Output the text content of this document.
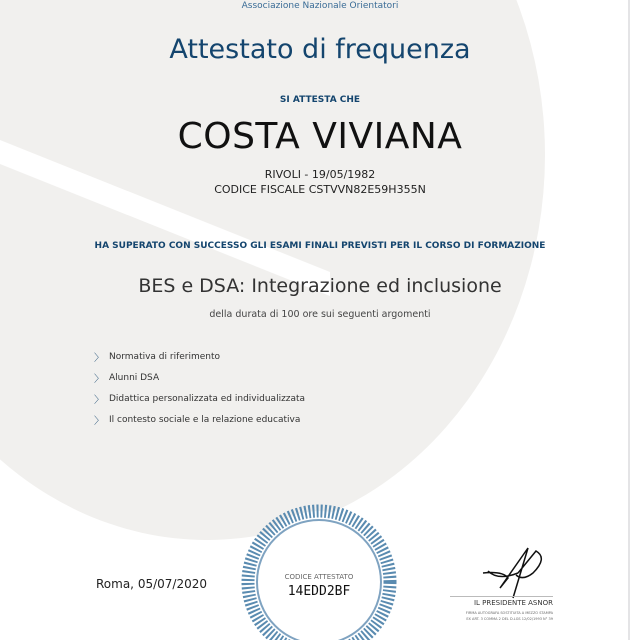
Associazione Nazionale Orientatori
Attestato di frequenza
SI ATTESTA CHE
COSTA VIVIANA
RIVOLI - 19/05/1982
CODICE FISCALE CSTVVN82E59H355N
HA SUPERATO CON SUCCESSO GLI ESAMI FINALI PREVISTI PER IL CORSO DI FORMAZIONE
BES e DSA: Integrazione ed inclusione
della durata di 100 ore sui seguenti argomenti
〉 Normativa di riferimento
〉 Alunni DSA
〉 Didattica personalizzata ed individualizzata
〉 Il contesto sociale e la relazione educativa
Roma, 05/07/2020	CODICE ATTESTATO
14EDD2BF
IL PRESIDENTE ASNOR
FIRMA AUTOGRAFA SOSTITUITA A MEZZO STAMPA
EX ART. 3 COMMA 2 DEL D.LGS 12/02/1993 N° 39
